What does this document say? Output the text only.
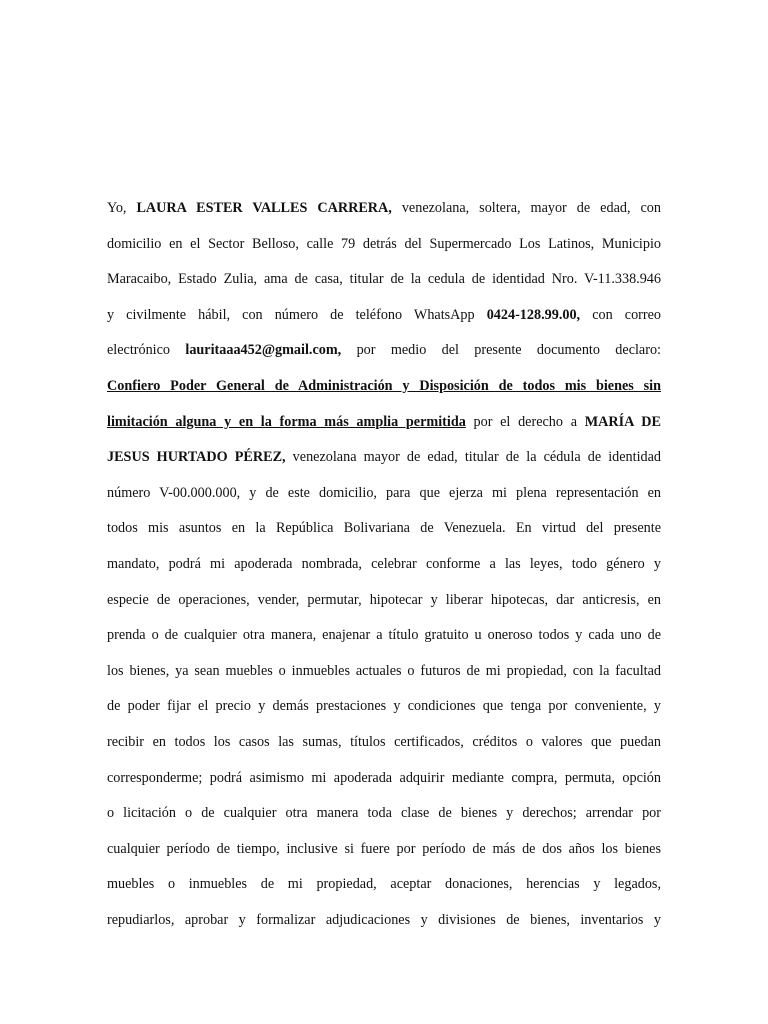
Yo, LAURA ESTER VALLES CARRERA, venezolana, soltera, mayor de edad, con
domicilio en el Sector Belloso, calle 79 detrás del Supermercado Los Latinos, Municipio
Maracaibo, Estado Zulia, ama de casa, titular de la cedula de identidad Nro. V-11.338.946
y civilmente hábil, con número de teléfono WhatsApp 0424-128.99.00, con correo
electrónico lauritaaa452@gmail.com, por medio del presente documento declaro:
Confiero Poder General de Administración y Disposición de todos mis bienes sin
limitación alguna y en la forma más amplia permitida por el derecho a MARÍA DE
JESUS HURTADO PÉREZ, venezolana mayor de edad, titular de la cédula de identidad
número V-00.000.000, y de este domicilio, para que ejerza mi plena representación en
todos mis asuntos en la República Bolivariana de Venezuela. En virtud del presente
mandato, podrá mi apoderada nombrada, celebrar conforme a las leyes, todo género y
especie de operaciones, vender, permutar, hipotecar y liberar hipotecas, dar anticresis, en
prenda o de cualquier otra manera, enajenar a título gratuito u oneroso todos y cada uno de
los bienes, ya sean muebles o inmuebles actuales o futuros de mi propiedad, con la facultad
de poder fijar el precio y demás prestaciones y condiciones que tenga por conveniente, y
recibir en todos los casos las sumas, títulos certificados, créditos o valores que puedan
corresponderme; podrá asimismo mi apoderada adquirir mediante compra, permuta, opción
o licitación o de cualquier otra manera toda clase de bienes y derechos; arrendar por
cualquier período de tiempo, inclusive si fuere por período de más de dos años los bienes
muebles o inmuebles de mi propiedad, aceptar donaciones, herencias y legados,
repudiarlos, aprobar y formalizar adjudicaciones y divisiones de bienes, inventarios y
